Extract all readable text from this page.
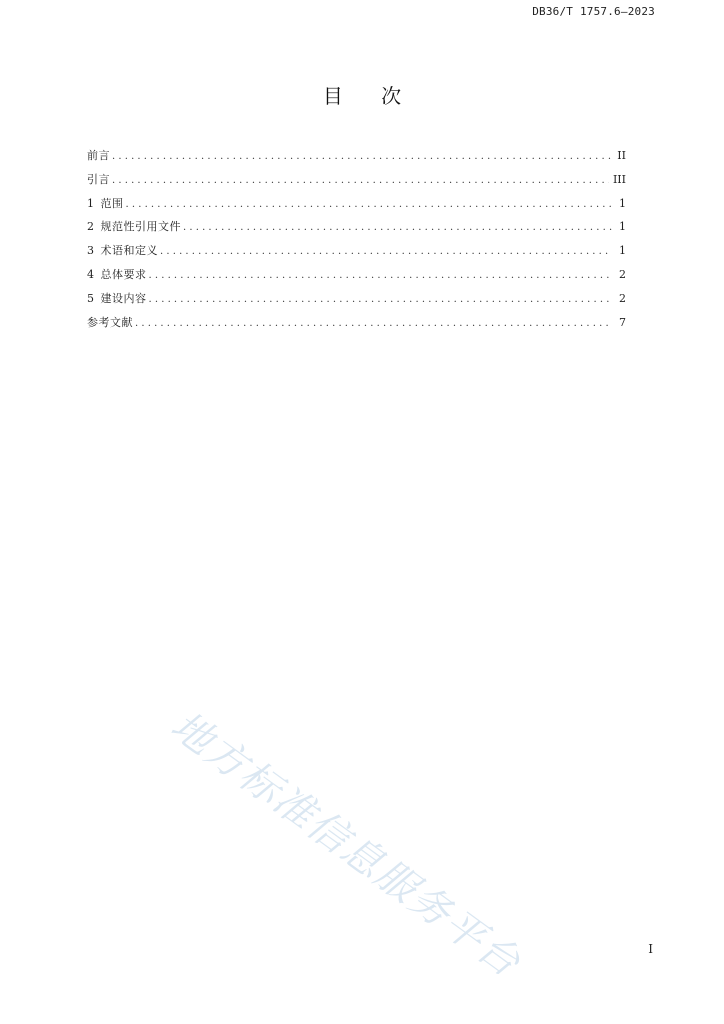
DB36/T 1757.6—2023
目 次
前言 . . .	II
引言 . . .	III
1 范围 . . .	1
2 规范性引用文件 . . .	1
3 术语和定义 . . .	1
4 总体要求 . . .	2
5 建设内容 . . .	2
参考文献 . . .	7
地方标准信息服务平台	I
